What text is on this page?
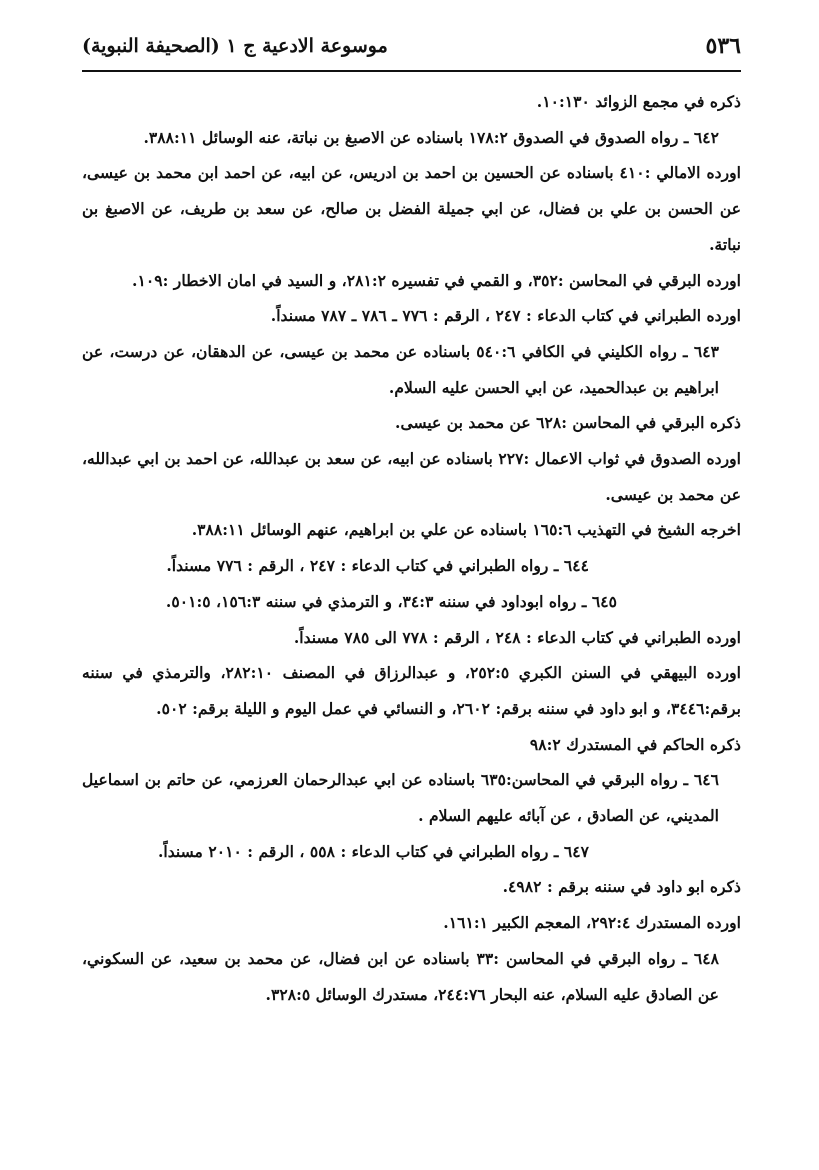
٥٣٦
موسوعة الادعية ج ١ (الصحيفة النبوية)

ذكره في مجمع الزوائد ١٠:١٣٠.

٦٤٢ ـ رواه الصدوق في الصدوق ١٧٨:٢ باسناده عن الاصبغ بن نباتة، عنه الوسائل ٣٨٨:١١.

اورده الامالي :٤١٠ باسناده عن الحسين بن احمد بن ادريس، عن ابيه، عن احمد ابن محمد بن عيسى، عن الحسن بن علي بن فضال، عن ابي جميلة الفضل بن صالح، عن سعد بن طريف، عن الاصبغ بن نباتة.

اورده البرقي في المحاسن :٣٥٢، و القمي في تفسيره ٢٨١:٢، و السيد في امان الاخطار :١٠٩.

اورده الطبراني في كتاب الدعاء : ٢٤٧ ، الرقم : ٧٧٦ ـ ٧٨٦ ـ ٧٨٧ مسنداً.

٦٤٣ ـ رواه الكليني في الكافي ٥٤٠:٦ باسناده عن محمد بن عيسى، عن الدهقان، عن درست، عن ابراهيم بن عبدالحميد، عن ابي الحسن عليه السلام.

ذكره البرقي في المحاسن :٦٢٨ عن محمد بن عيسى.

اورده الصدوق في ثواب الاعمال :٢٢٧ باسناده عن ابيه، عن سعد بن عبدالله، عن احمد بن ابي عبدالله، عن محمد بن عيسى.

اخرجه الشيخ في التهذيب ١٦٥:٦ باسناده عن علي بن ابراهيم، عنهم الوسائل ٣٨٨:١١.

٦٤٤ ـ رواه الطبراني في كتاب الدعاء : ٢٤٧ ، الرقم : ٧٧٦ مسنداً.

٦٤٥ ـ رواه ابوداود في سننه ٣٤:٣، و الترمذي في سننه ١٥٦:٣، ٥٠١:٥.

اورده الطبراني في كتاب الدعاء : ٢٤٨ ، الرقم : ٧٧٨ الى ٧٨٥ مسنداً.

اورده البيهقي في السنن الكبري ٢٥٢:٥، و عبدالرزاق في المصنف ٢٨٢:١٠، والترمذي في سننه برقم:٣٤٤٦، و ابو داود في سننه برقم: ٢٦٠٢، و النسائي في عمل اليوم و الليلة برقم: ٥٠٢.

ذكره الحاكم في المستدرك ٩٨:٢

٦٤٦ ـ رواه البرقي في المحاسن:٦٣٥ باسناده عن ابي عبدالرحمان العرزمي، عن حاتم بن اسماعيل المديني، عن الصادق ، عن آبائه عليهم السلام .

٦٤٧ ـ رواه الطبراني في كتاب الدعاء : ٥٥٨ ، الرقم : ٢٠١٠ مسنداً.

ذكره ابو داود في سننه برقم : ٤٩٨٢.

اورده المستدرك ٢٩٢:٤، المعجم الكبير ١٦١:١.

٦٤٨ ـ رواه البرقي في المحاسن :٣٣ باسناده عن ابن فضال، عن محمد بن سعيد، عن السكوني، عن الصادق عليه السلام، عنه البحار ٢٤٤:٧٦، مستدرك الوسائل ٣٢٨:٥.
